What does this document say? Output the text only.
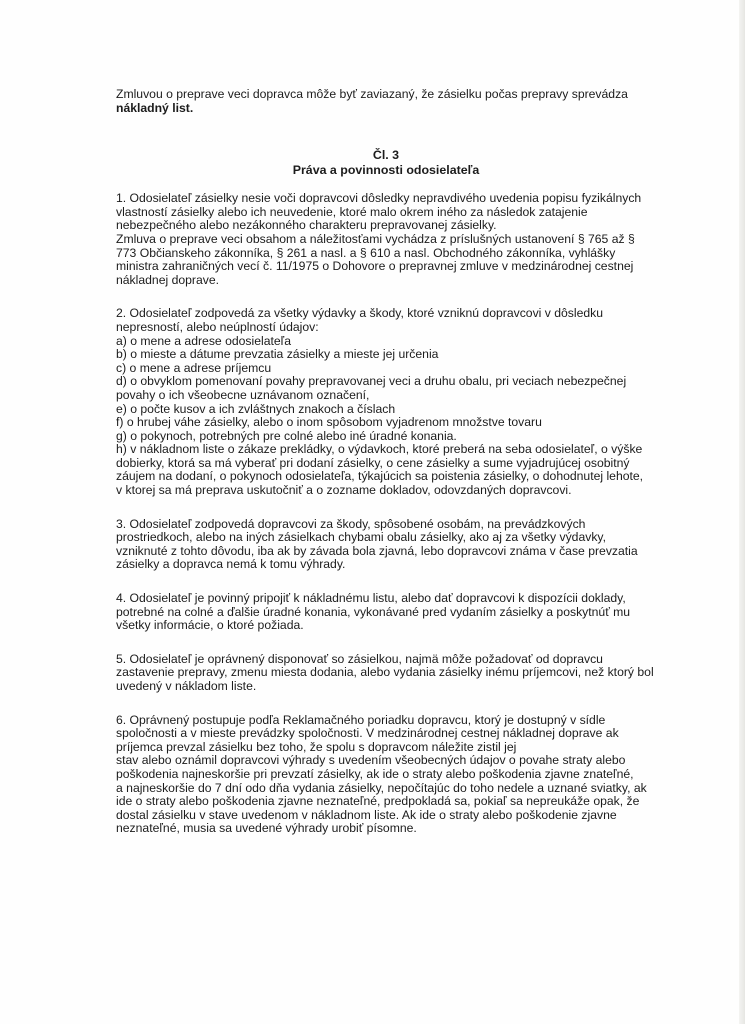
Zmluvou o preprave veci dopravca môže byť zaviazaný, že zásielku počas prepravy sprevádza
nákladný list.

Čl. 3
Práva a povinnosti odosielateľa

1. Odosielateľ zásielky nesie voči dopravcovi dôsledky nepravdivého uvedenia popisu fyzikálnych
vlastností zásielky alebo ich neuvedenie, ktoré malo okrem iného za následok zatajenie
nebezpečného alebo nezákonného charakteru prepravovanej zásielky.
Zmluva o preprave veci obsahom a náležitosťami vychádza z príslušných ustanovení § 765 až §
773 Občianskeho zákonníka, § 261 a nasl. a § 610 a nasl. Obchodného zákonníka, vyhlášky
ministra zahraničných vecí č. 11/1975 o Dohovore o prepravnej zmluve v medzinárodnej cestnej
nákladnej doprave.

2. Odosielateľ zodpovedá za všetky výdavky a škody, ktoré vzniknú dopravcovi v dôsledku
nepresností, alebo neúplností údajov:
a) o mene a adrese odosielateľa
b) o mieste a dátume prevzatia zásielky a mieste jej určenia
c) o mene a adrese príjemcu
d) o obvyklom pomenovaní povahy prepravovanej veci a druhu obalu, pri veciach nebezpečnej
povahy o ich všeobecne uznávanom označení,
e) o počte kusov a ich zvláštnych znakoch a číslach
f) o hrubej váhe zásielky, alebo o inom spôsobom vyjadrenom množstve tovaru
g) o pokynoch, potrebných pre colné alebo iné úradné konania.
h) v nákladnom liste o zákaze prekládky, o výdavkoch, ktoré preberá na seba odosielateľ, o výške
dobierky, ktorá sa má vyberať pri dodaní zásielky, o cene zásielky a sume vyjadrujúcej osobitný
záujem na dodaní, o pokynoch odosielateľa, týkajúcich sa poistenia zásielky, o dohodnutej lehote,
v ktorej sa má preprava uskutočniť a o zozname dokladov, odovzdaných dopravcovi.

3. Odosielateľ zodpovedá dopravcovi za škody, spôsobené osobám, na prevádzkových
prostriedkoch, alebo na iných zásielkach chybami obalu zásielky, ako aj za všetky výdavky,
vzniknuté z tohto dôvodu, iba ak by závada bola zjavná, lebo dopravcovi známa v čase prevzatia
zásielky a dopravca nemá k tomu výhrady.

4. Odosielateľ je povinný pripojiť k nákladnému listu, alebo dať dopravcovi k dispozícii doklady,
potrebné na colné a ďalšie úradné konania, vykonávané pred vydaním zásielky a poskytnúť mu
všetky informácie, o ktoré požiada.

5. Odosielateľ je oprávnený disponovať so zásielkou, najmä môže požadovať od dopravcu
zastavenie prepravy, zmenu miesta dodania, alebo vydania zásielky inému príjemcovi, než ktorý bol
uvedený v nákladom liste.

6. Oprávnený postupuje podľa Reklamačného poriadku dopravcu, ktorý je dostupný v sídle
spoločnosti a v mieste prevádzky spoločnosti. V medzinárodnej cestnej nákladnej doprave ak
príjemca prevzal zásielku bez toho, že spolu s dopravcom náležite zistil jej
stav alebo oznámil dopravcovi výhrady s uvedením všeobecných údajov o povahe straty alebo
poškodenia najneskoršie pri prevzatí zásielky, ak ide o straty alebo poškodenia zjavne znateľné,
a najneskoršie do 7 dní odo dňa vydania zásielky, nepočítajúc do toho nedele a uznané sviatky, ak
ide o straty alebo poškodenia zjavne neznateľné, predpokladá sa, pokiaľ sa nepreukáže opak, že
dostal zásielku v stave uvedenom v nákladnom liste. Ak ide o straty alebo poškodenie zjavne
neznateľné, musia sa uvedené výhrady urobiť písomne.
